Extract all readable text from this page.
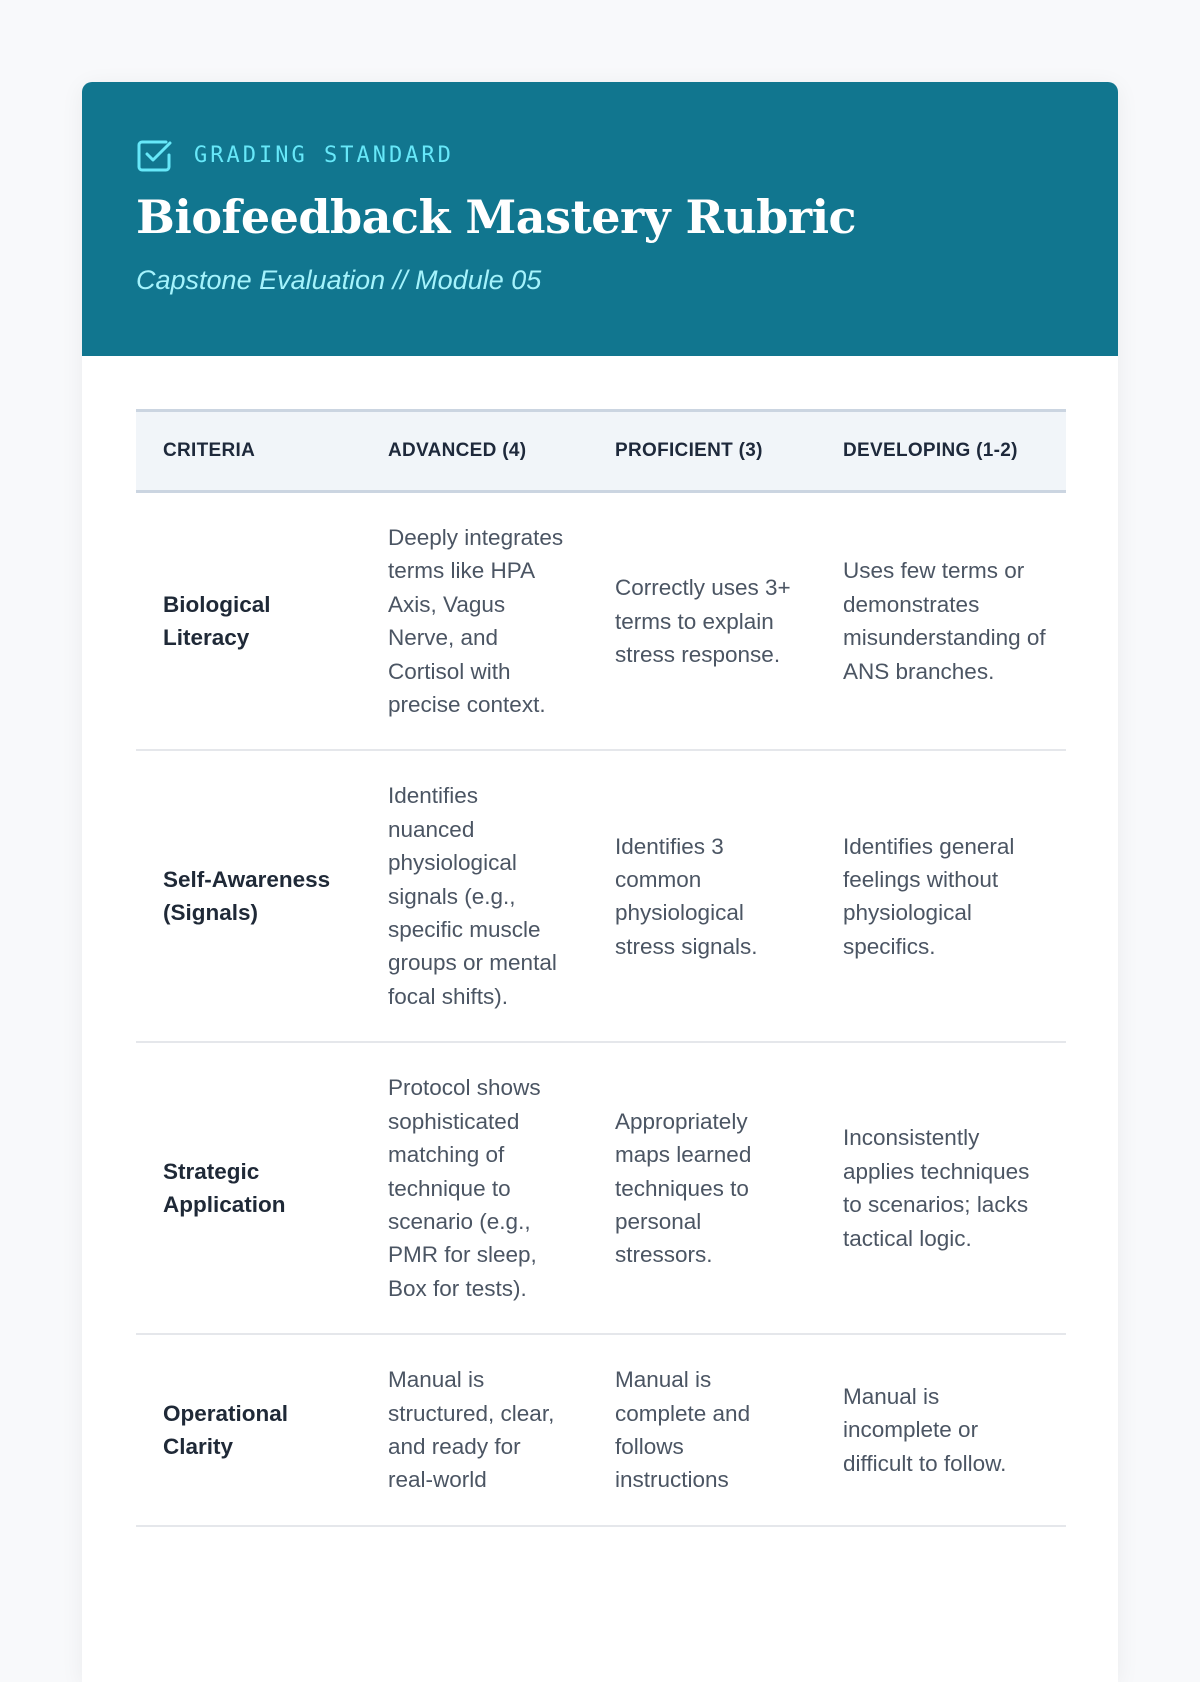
GRADING STANDARD
Biofeedback Mastery Rubric

Capstone Evaluation // Module 05

CRITERIA	ADVANCED (4)	PROFICIENT (3)	DEVELOPING (1-2)
Biological Literacy	Deeply integrates terms like HPA Axis, Vagus Nerve, and Cortisol with precise context.	Correctly uses 3+ terms to explain stress response.	Uses few terms or demonstrates misunderstanding of ANS branches.
Self-Awareness (Signals)	Identifies nuanced physiological signals (e.g., specific muscle groups or mental focal shifts).	Identifies 3 common physiological stress signals.	Identifies general feelings without physiological specifics.
Strategic Application	Protocol shows sophisticated matching of technique to scenario (e.g., PMR for sleep, Box for tests).	Appropriately maps learned techniques to personal stressors.	Inconsistently applies techniques to scenarios; lacks tactical logic.
Operational Clarity	Manual is structured, clear, and ready for real-world	Manual is complete and follows instructions	Manual is incomplete or difficult to follow.
